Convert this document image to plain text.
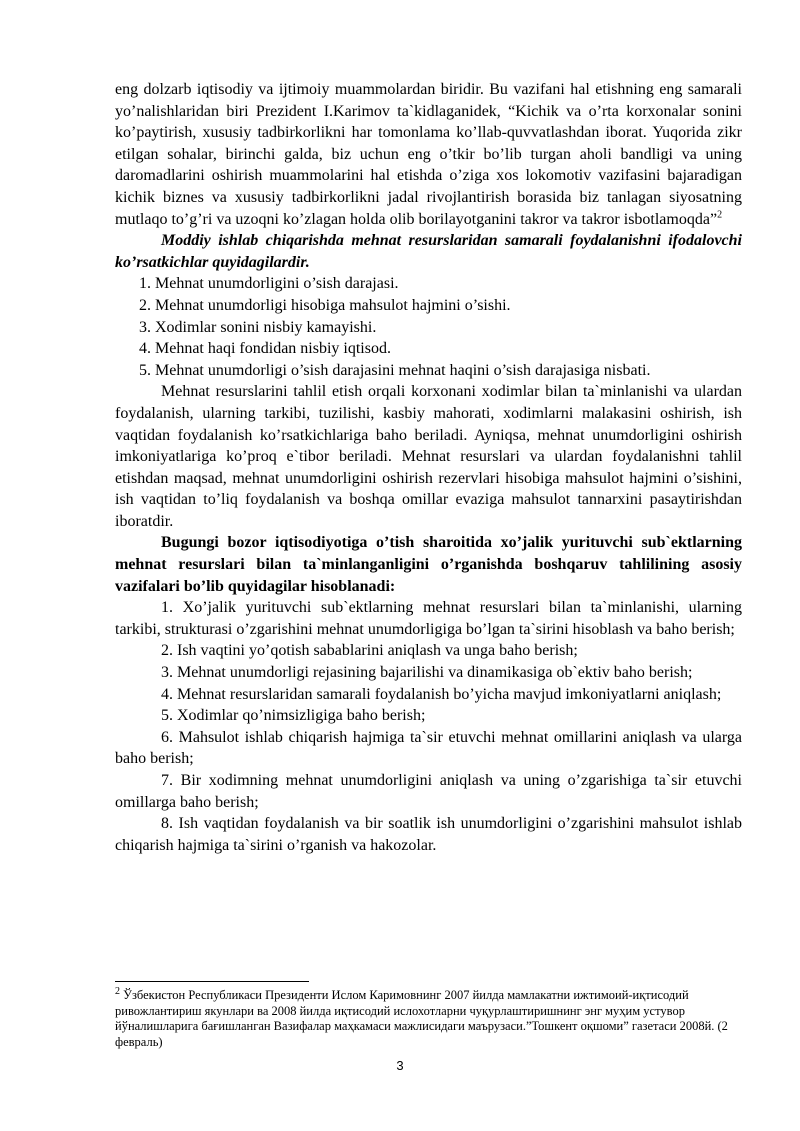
eng dolzarb iqtisodiy va ijtimoiy muammolardan biridir. Bu vazifani hal etishning eng samarali yo’nalishlaridan biri Prezident I.Karimov ta`kidlaganidek, “Kichik va o’rta korxonalar sonini ko’paytirish, xususiy tadbirkorlikni har tomonlama ko’llab-quvvatlashdan iborat. Yuqorida zikr etilgan sohalar, birinchi galda, biz uchun eng o’tkir bo’lib turgan aholi bandligi va uning daromadlarini oshirish muammolarini hal etishda o’ziga xos lokomotiv vazifasini bajaradigan kichik biznes va xususiy tadbirkorlikni jadal rivojlantirish borasida biz tanlagan siyosatning mutlaqo to’g’ri va uzoqni ko’zlagan holda olib borilayotganini takror va takror isbotlamoqda”$^2$

Moddiy ishlab chiqarishda mehnat resurslaridan samarali foydalanishni ifodalovchi ko’rsatkichlar quyidagilardir.

1. Mehnat unumdorligini o’sish darajasi.

2. Mehnat unumdorligi hisobiga mahsulot hajmini o’sishi.

3. Xodimlar sonini nisbiy kamayishi.

4. Mehnat haqi fondidan nisbiy iqtisod.

5. Mehnat unumdorligi o’sish darajasini mehnat haqini o’sish darajasiga nisbati.

Mehnat resurslarini tahlil etish orqali korxonani xodimlar bilan ta`minlanishi va ulardan foydalanish, ularning tarkibi, tuzilishi, kasbiy mahorati, xodimlarni malakasini oshirish, ish vaqtidan foydalanish ko’rsatkichlariga baho beriladi. Ayniqsa, mehnat unumdorligini oshirish imkoniyatlariga ko’proq e`tibor beriladi. Mehnat resurslari va ulardan foydalanishni tahlil etishdan maqsad, mehnat unumdorligini oshirish rezervlari hisobiga mahsulot hajmini o’sishini, ish vaqtidan to’liq foydalanish va boshqa omillar evaziga mahsulot tannarxini pasaytirishdan iboratdir.

Bugungi bozor iqtisodiyotiga o’tish sharoitida xo’jalik yurituvchi sub`ektlarning mehnat resurslari bilan ta`minlanganligini o’rganishda boshqaruv tahlilining asosiy vazifalari bo’lib quyidagilar hisoblanadi:

1. Xo’jalik yurituvchi sub`ektlarning mehnat resurslari bilan ta`minlanishi, ularning tarkibi, strukturasi o’zgarishini mehnat unumdorligiga bo’lgan ta`sirini hisoblash va baho berish;

2. Ish vaqtini yo’qotish sabablarini aniqlash va unga baho berish;

3. Mehnat unumdorligi rejasining bajarilishi va dinamikasiga ob`ektiv baho berish;

4. Mehnat resurslaridan samarali foydalanish bo’yicha mavjud imkoniyatlarni aniqlash;

5. Xodimlar qo’nimsizligiga baho berish;

6. Mahsulot ishlab chiqarish hajmiga ta`sir etuvchi mehnat omillarini aniqlash va ularga baho berish;

7. Bir xodimning mehnat unumdorligini aniqlash va uning o’zgarishiga ta`sir etuvchi omillarga baho berish;

8. Ish vaqtidan foydalanish va bir soatlik ish unumdorligini o’zgarishini mahsulot ishlab chiqarish hajmiga ta`sirini o’rganish va hakozolar.

$^2$ Ўзбекистон Республикаси Президенти Ислом Каримовнинг 2007 йилда мамлакатни ижтимоий-иқтисодий ривожлантириш якунлари ва 2008 йилда иқтисодий ислохотларни чуқурлаштиришнинг энг муҳим устувор йўналишларига бағишланган Вазифалар маҳкамаси мажлисидаги маърузаси.”Тошкент оқшоми” газетаси 2008й. (2 февраль)
3
